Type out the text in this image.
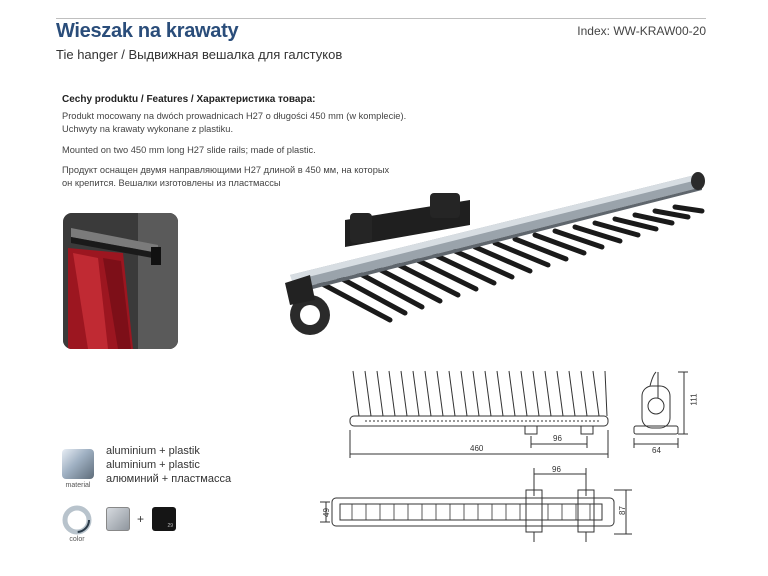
Wieszak na krawaty
Tie hanger / Выдвижная вешалка для галстуков
Index: WW-KRAW00-20
Cechy produktu / Features / Характеристика товара:
Produkt mocowany na dwóch prowadnicach H27 o długości 450 mm (w komplecie).
Uchwyty na krawaty wykonane z plastiku.
Mounted on two 450 mm long H27 slide rails; made of plastic.
Продукт оснащен двумя направляющими H27 длиной в 450 мм, на которых
он крепится. Вешалки изготовлены из пластмассы
96
460
111
64
96
49	87
material
aluminium + plastik
aluminium + plastic
алюминий + пластмасса
color
+	29
